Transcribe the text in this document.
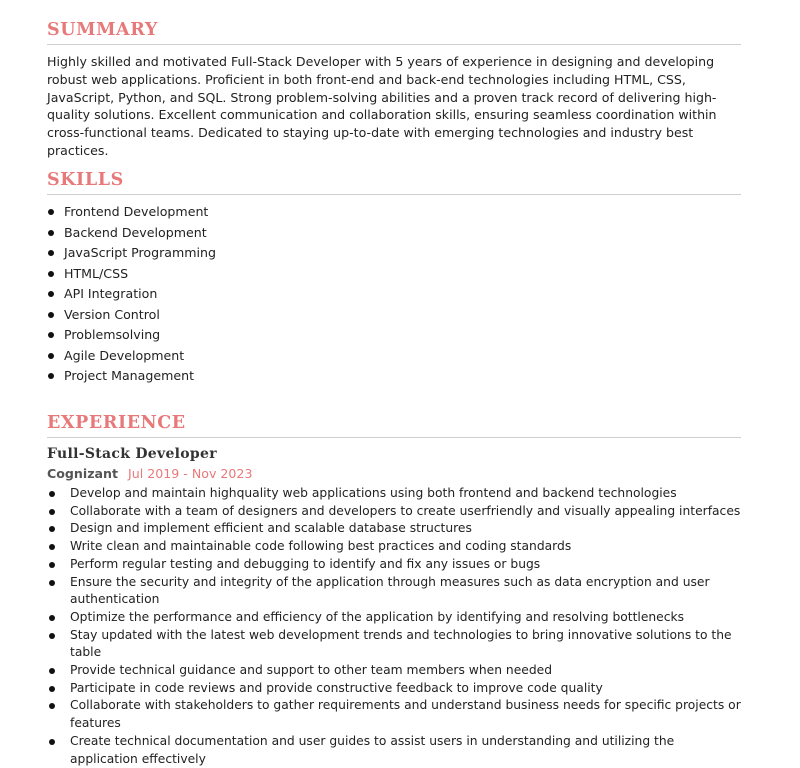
SUMMARY

Highly skilled and motivated Full-Stack Developer with 5 years of experience in designing and developing robust web applications. Proficient in both front-end and back-end technologies including HTML, CSS, JavaScript, Python, and SQL. Strong problem-solving abilities and a proven track record of delivering high-quality solutions. Excellent communication and collaboration skills, ensuring seamless coordination within cross-functional teams. Dedicated to staying up-to-date with emerging technologies and industry best practices.

SKILLS
Frontend Development
Backend Development
JavaScript Programming
HTML/CSS
API Integration
Version Control
Problemsolving
Agile Development
Project Management
EXPERIENCE
Full-Stack Developer
Cognizant Jul 2019 - Nov 2023
Develop and maintain highquality web applications using both frontend and backend technologies
Collaborate with a team of designers and developers to create userfriendly and visually appealing interfaces
Design and implement efficient and scalable database structures
Write clean and maintainable code following best practices and coding standards
Perform regular testing and debugging to identify and fix any issues or bugs
Ensure the security and integrity of the application through measures such as data encryption and user authentication
Optimize the performance and efficiency of the application by identifying and resolving bottlenecks
Stay updated with the latest web development trends and technologies to bring innovative solutions to the table
Provide technical guidance and support to other team members when needed
Participate in code reviews and provide constructive feedback to improve code quality
Collaborate with stakeholders to gather requirements and understand business needs for specific projects or features
Create technical documentation and user guides to assist users in understanding and utilizing the application effectively
